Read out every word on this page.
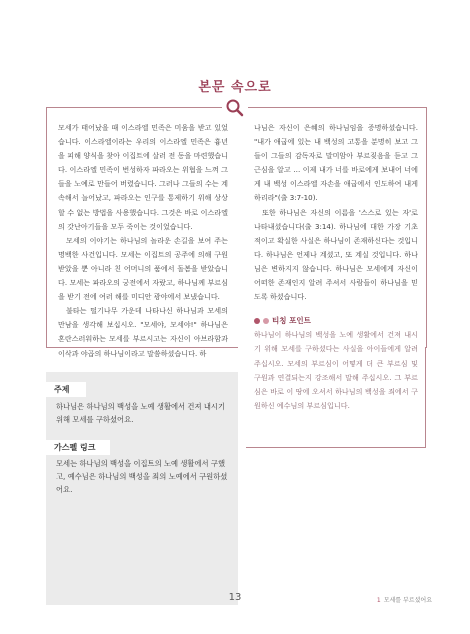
본문 속으로

모세가 태어났을 때 이스라엘 민족은 미움을 받고 있었습니다. 이스라엘이라는 우리의 이스라엘 민족은 흉년을 피해 양식을 찾아 이집트에 살러 전 동을 마련했습니다. 이스라엘 민족이 번성하자 파라오는 위협을 느껴 그들을 노예로 만들어 버렸습니다. 그러나 그들의 수는 계속해서 늘어났고, 파라오는 인구를 통제하기 위해 상상할 수 없는 방법을 사용했습니다. 그것은 바로 이스라엘의 갓난아기들을 모두 죽이는 것이었습니다.

모세의 이야기는 하나님의 놀라운 손길을 보여 주는 명백한 사건입니다. 모세는 이집트의 공주에 의해 구원받았을 뿐 아니라 친 어머니의 품에서 돌봄을 받았습니다. 모세는 파라오의 궁전에서 자랐고, 하나님께 부르심을 받기 전에 여러 해를 미디안 광야에서 보냈습니다.

불타는 떨기나무 가운데 나타나신 하나님과 모세의 만남을 생각해 보십시오. "모세야, 모세야!" 하나님은 혼란스러워하는 모세를 부르시고는 자신이 아브라함과 이삭과 야곱의 하나님이라고 말씀하셨습니다. 하

나님은 자신이 은혜의 하나님임을 증명하셨습니다. "내가 애굽에 있는 내 백성의 고통을 분명히 보고 그들이 그들의 감독자로 말미암아 부르짖음을 듣고 그 근심을 알고 … 이제 내가 너를 바로에게 보내어 너에게 내 백성 이스라엘 자손을 애굽에서 인도하여 내게 하리라"(출 3:7-10).

또한 하나님은 자신의 이름을 '스스로 있는 자'로 나타내셨습니다(출 3:14). 하나님에 대한 가장 기초적이고 확실한 사실은 하나님이 존재하신다는 것입니다. 하나님은 언제나 계셨고, 또 계실 것입니다. 하나님은 변하지지 않습니다. 하나님은 모세에게 자신이 어떠한 존재인지 알려 주셔서 사람들이 하나님을 믿도록 하셨습니다.

티칭 포인트

하나님이 하나님의 백성을 노예 생활에서 건져 내시기 위해 모세를 구하셨다는 사실을 아이들에게 알려 주십시오. 모세의 부르심이 어떻게 더 큰 부르심 및 구원과 연결되는지 강조해서 말해 주십시오. 그 부르심은 바로 이 땅에 오셔서 하나님의 백성을 죄에서 구원하신 예수님의 부르심입니다.

주제
하나님은 하나님의 백성을 노예 생활에서 건져 내시기 위해 모세를 구하셨어요.
가스펠 링크
모세는 하나님의 백성을 이집트의 노예 생활에서 구했고, 예수님은 하나님의 백성을 죄의 노예에서 구원하셨어요.
13	1 모세를 부르셨어요
